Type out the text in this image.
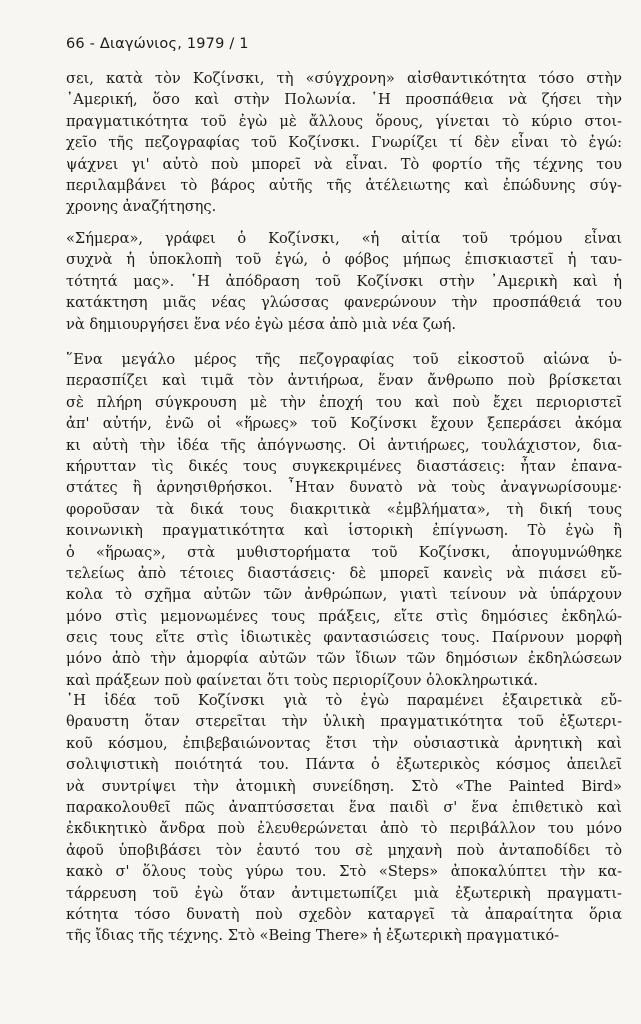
66 - Διαγώνιος, 1979 / 1
σει, κατὰ τὸν Κοζίνσκι, τὴ «σύγχρονη» αἰσθαντικότητα τόσο στὴν
᾿Αμερική, ὅσο καὶ στὴν Πολωνία. ῾Η προσπάθεια νὰ ζήσει τὴν
πραγματικότητα τοῦ ἐγὼ μὲ ἄλλους ὅρους, γίνεται τὸ κύριο στοι-
χεῖο τῆς πεζογραφίας τοῦ Κοζίνσκι. Γνωρίζει τί δὲν εἶναι τὸ ἐγώ:
ψάχνει γι' αὐτὸ ποὺ μπορεῖ νὰ εἶναι. Τὸ φορτίο τῆς τέχνης του
περιλαμβάνει τὸ βάρος αὐτῆς τῆς ἀτέλειωτης καὶ ἐπώδυνης σύγ-
χρονης ἀναζήτησης.
«Σήμερα», γράφει ὁ Κοζίνσκι, «ἡ αἰτία τοῦ τρόμου εἶναι
συχνὰ ἡ ὑποκλοπὴ τοῦ ἐγώ, ὁ φόβος μήπως ἐπισκιαστεῖ ἡ ταυ-
τότητά μας». ῾Η ἀπόδραση τοῦ Κοζίνσκι στὴν ᾿Αμερικὴ καὶ ἡ
κατάκτηση μιᾶς νέας γλώσσας φανερώνουν τὴν προσπάθειά του
νὰ δημιουργήσει ἕνα νέο ἐγὼ μέσα ἀπὸ μιὰ νέα ζωή.
῞Ενα μεγάλο μέρος τῆς πεζογραφίας τοῦ εἰκοστοῦ αἰώνα ὑ-
περασπίζει καὶ τιμᾶ τὸν ἀντιήρωα, ἕναν ἄνθρωπο ποὺ βρίσκεται
σὲ πλήρη σύγκρουση μὲ τὴν ἐποχή του καὶ ποὺ ἔχει περιοριστεῖ
ἀπ' αὐτήν, ἐνῶ οἱ «ἥρωες» τοῦ Κοζίνσκι ἔχουν ξεπεράσει ἀκόμα
κι αὐτὴ τὴν ἰδέα τῆς ἀπόγνωσης. Οἱ ἀντιήρωες, τουλάχιστον, δια-
κήρυτταν τὶς δικές τους συγκεκριμένες διαστάσεις: ἦταν ἐπανα-
στάτες ἢ ἀρνησιθρήσκοι. ῏Ηταν δυνατὸ νὰ τοὺς ἀναγνωρίσουμε·
φοροῦσαν τὰ δικά τους διακριτικὰ «ἐμβλήματα», τὴ δική τους
κοινωνικὴ πραγματικότητα καὶ ἱστορικὴ ἐπίγνωση. Τὸ ἐγὼ ἢ
ὁ «ἥρωας», στὰ μυθιστορήματα τοῦ Κοζίνσκι, ἀπογυμνώθηκε
τελείως ἀπὸ τέτοιες διαστάσεις· δὲ μπορεῖ κανεὶς νὰ πιάσει εὔ-
κολα τὸ σχῆμα αὐτῶν τῶν ἀνθρώπων, γιατὶ τείνουν νὰ ὑπάρχουν
μόνο στὶς μεμονωμένες τους πράξεις, εἴτε στὶς δημόσιες ἐκδηλώ-
σεις τους εἴτε στὶς ἰδιωτικὲς φαντασιώσεις τους. Παίρνουν μορφὴ
μόνο ἀπὸ τὴν ἀμορφία αὐτῶν τῶν ἴδιων τῶν δημόσιων ἐκδηλώσεων
καὶ πράξεων ποὺ φαίνεται ὅτι τοὺς περιορίζουν ὁλοκληρωτικά.
῾Η ἰδέα τοῦ Κοζίνσκι γιὰ τὸ ἐγὼ παραμένει ἐξαιρετικὰ εὔ-
θραυστη ὅταν στερεῖται τὴν ὑλικὴ πραγματικότητα τοῦ ἐξωτερι-
κοῦ κόσμου, ἐπιβεβαιώνοντας ἔτσι τὴν οὐσιαστικὰ ἀρνητικὴ καὶ
σολιψιστικὴ ποιότητά του. Πάντα ὁ ἐξωτερικὸς κόσμος ἀπειλεῖ
νὰ συντρίψει τὴν ἀτομικὴ συνείδηση. Στὸ «The Painted Bird»
παρακολουθεῖ πῶς ἀναπτύσσεται ἕνα παιδὶ σ' ἕνα ἐπιθετικὸ καὶ
ἐκδικητικὸ ἄνδρα ποὺ ἐλευθερώνεται ἀπὸ τὸ περιβάλλον του μόνο
ἀφοῦ ὑποβιβάσει τὸν ἑαυτό του σὲ μηχανὴ ποὺ ἀνταποδίδει τὸ
κακὸ σ' ὅλους τοὺς γύρω του. Στὸ «Steps» ἀποκαλύπτει τὴν κα-
τάρρευση τοῦ ἐγὼ ὅταν ἀντιμετωπίζει μιὰ ἐξωτερικὴ πραγματι-
κότητα τόσο δυνατὴ ποὺ σχεδὸν καταργεῖ τὰ ἀπαραίτητα ὅρια
τῆς ἴδιας τῆς τέχνης. Στὸ «Being There» ἡ ἐξωτερικὴ πραγματικό-
